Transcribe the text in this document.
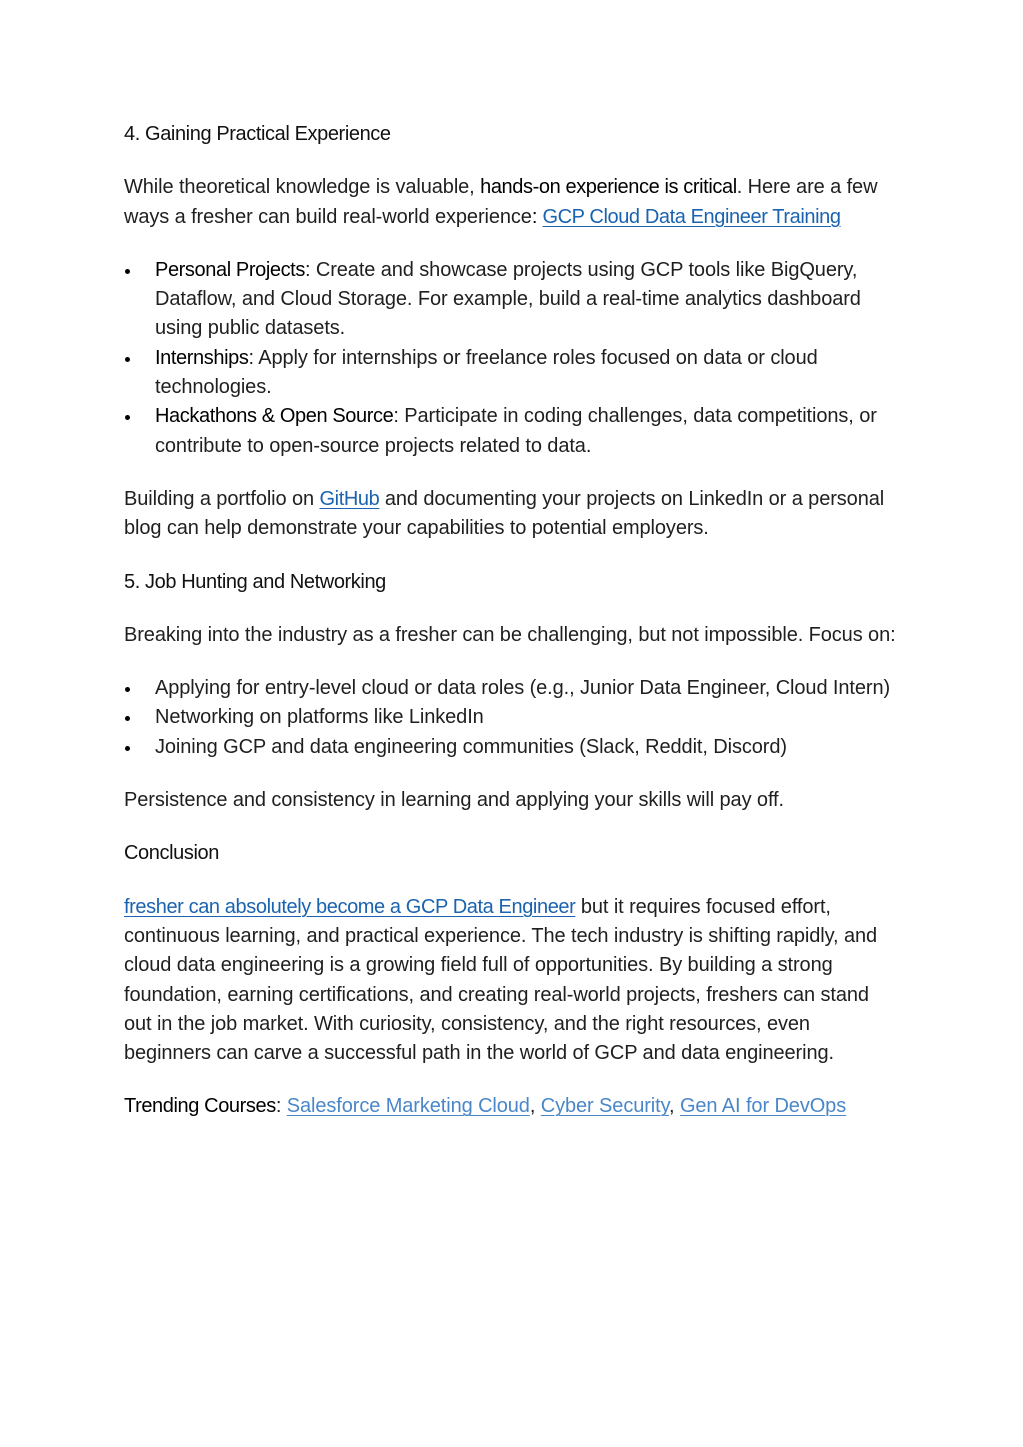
4. Gaining Practical Experience

While theoretical knowledge is valuable, hands-on experience is critical. Here are a few ways a fresher can build real-world experience: GCP Cloud Data Engineer Training

Personal Projects: Create and showcase projects using GCP tools like BigQuery, Dataflow, and Cloud Storage. For example, build a real-time analytics dashboard using public datasets.
Internships: Apply for internships or freelance roles focused on data or cloud technologies.
Hackathons & Open Source: Participate in coding challenges, data competitions, or contribute to open-source projects related to data.

Building a portfolio on GitHub and documenting your projects on LinkedIn or a personal blog can help demonstrate your capabilities to potential employers.

5. Job Hunting and Networking

Breaking into the industry as a fresher can be challenging, but not impossible. Focus on:

Applying for entry-level cloud or data roles (e.g., Junior Data Engineer, Cloud Intern)
Networking on platforms like LinkedIn
Joining GCP and data engineering communities (Slack, Reddit, Discord)

Persistence and consistency in learning and applying your skills will pay off.

Conclusion

fresher can absolutely become a GCP Data Engineer but it requires focused effort, continuous learning, and practical experience. The tech industry is shifting rapidly, and cloud data engineering is a growing field full of opportunities. By building a strong foundation, earning certifications, and creating real-world projects, freshers can stand out in the job market. With curiosity, consistency, and the right resources, even beginners can carve a successful path in the world of GCP and data engineering.

Trending Courses: Salesforce Marketing Cloud, Cyber Security, Gen AI for DevOps
